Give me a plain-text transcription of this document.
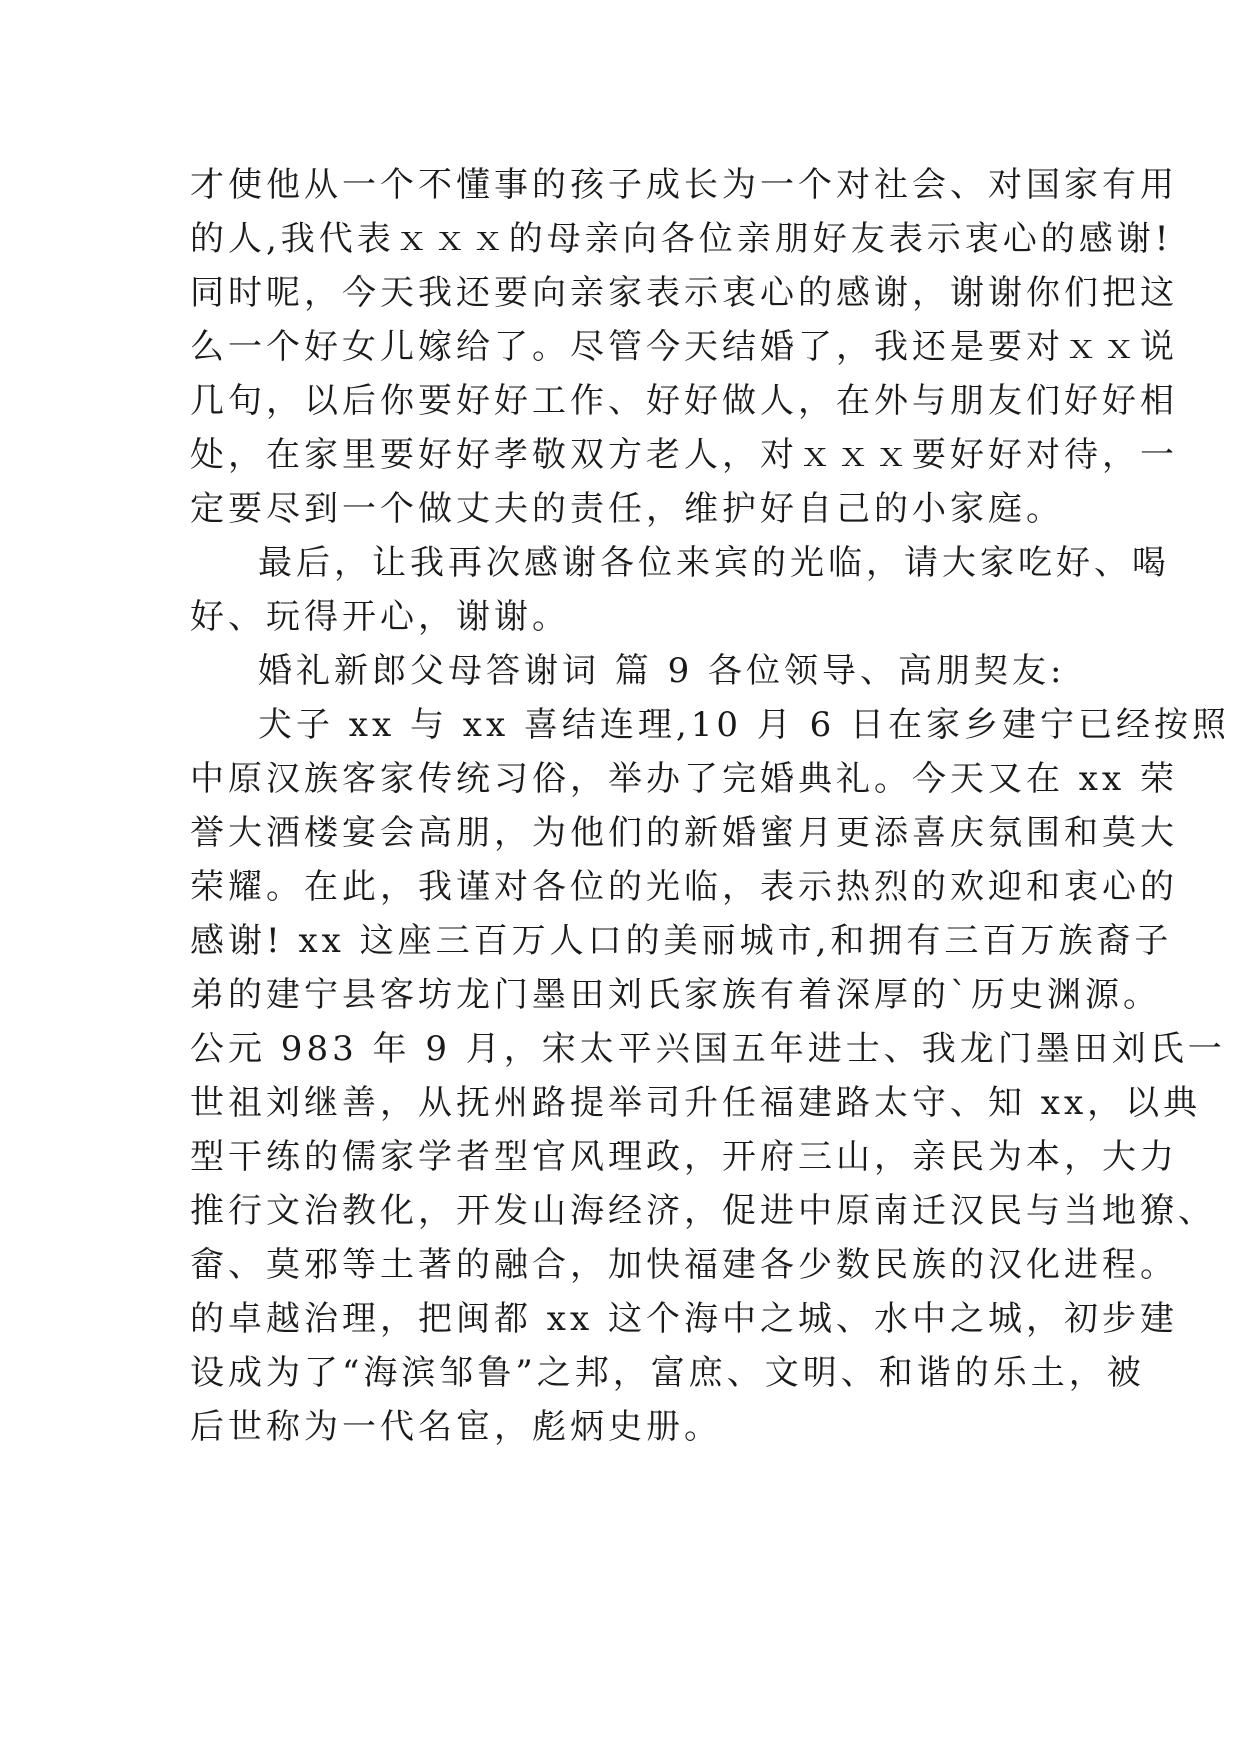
才使他从一个不懂事的孩子成长为一个对社会、对国家有用
的人,我代表ｘｘｘ的母亲向各位亲朋好友表示衷心的感谢!
同时呢，今天我还要向亲家表示衷心的感谢，谢谢你们把这
么一个好女儿嫁给了。尽管今天结婚了，我还是要对ｘｘ说
几句，以后你要好好工作、好好做人，在外与朋友们好好相
处，在家里要好好孝敬双方老人，对ｘｘｘ要好好对待，一
定要尽到一个做丈夫的责任，维护好自己的小家庭。
最后，让我再次感谢各位来宾的光临，请大家吃好、喝
好、玩得开心，谢谢。
婚礼新郎父母答谢词 篇 9 各位领导、高朋契友:
犬子 xx 与 xx 喜结连理,10 月 6 日在家乡建宁已经按照
中原汉族客家传统习俗，举办了完婚典礼。今天又在 xx 荣
誉大酒楼宴会高朋，为他们的新婚蜜月更添喜庆氛围和莫大
荣耀。在此，我谨对各位的光临，表示热烈的欢迎和衷心的
感谢! xx 这座三百万人口的美丽城市,和拥有三百万族裔子
弟的建宁县客坊龙门墨田刘氏家族有着深厚的`历史渊源。
公元 983 年 9 月，宋太平兴国五年进士、我龙门墨田刘氏一
世祖刘继善，从抚州路提举司升任福建路太守、知 xx，以典
型干练的儒家学者型官风理政，开府三山，亲民为本，大力
推行文治教化，开发山海经济，促进中原南迁汉民与当地獠、
畲、莫邪等土著的融合，加快福建各少数民族的汉化进程。
的卓越治理，把闽都 xx 这个海中之城、水中之城，初步建
设成为了“海滨邹鲁”之邦，富庶、文明、和谐的乐土，被
后世称为一代名宦，彪炳史册。
